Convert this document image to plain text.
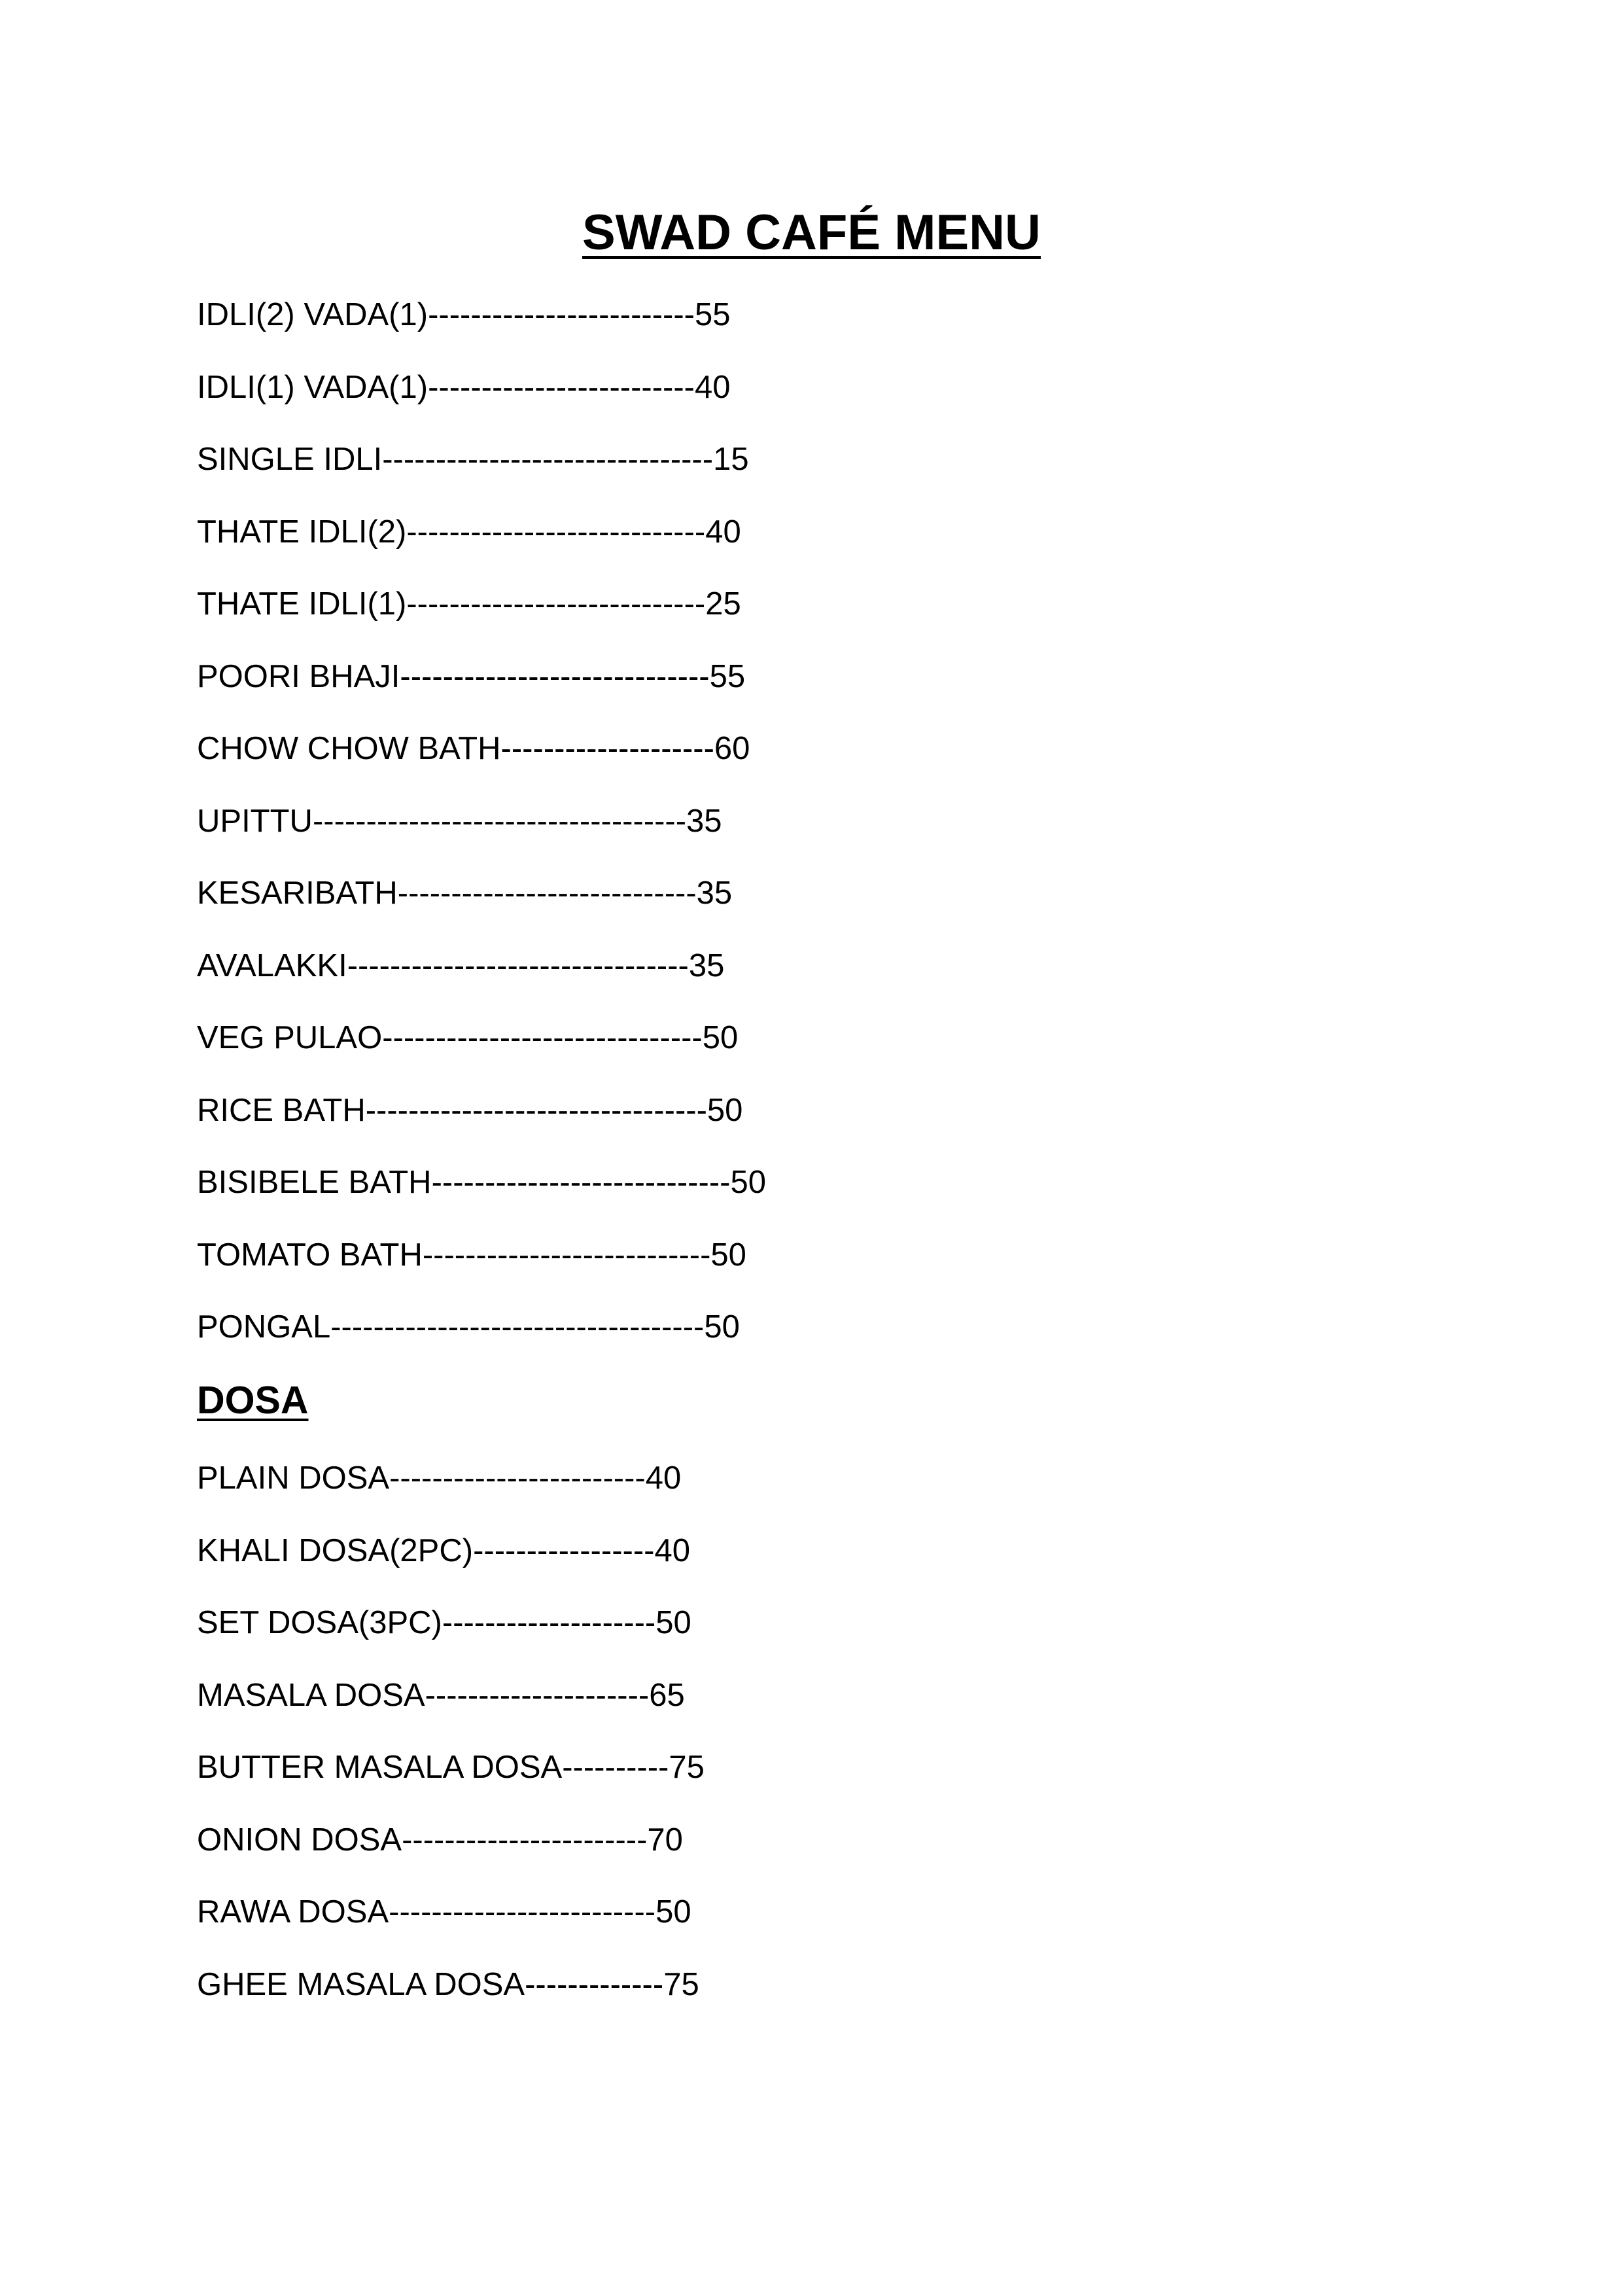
SWAD CAFÉ MENU
IDLI(2) VADA(1)-------------------------55
IDLI(1) VADA(1)-------------------------40
SINGLE IDLI-------------------------------15
THATE IDLI(2)----------------------------40
THATE IDLI(1)----------------------------25
POORI BHAJI-----------------------------55
CHOW CHOW BATH--------------------60
UPITTU-----------------------------------35
KESARIBATH----------------------------35
AVALAKKI--------------------------------35
VEG PULAO------------------------------50
RICE BATH--------------------------------50
BISIBELE BATH----------------------------50
TOMATO BATH---------------------------50
PONGAL-----------------------------------50
DOSA
PLAIN DOSA------------------------40
KHALI DOSA(2PC)-----------------40
SET DOSA(3PC)--------------------50
MASALA DOSA---------------------65
BUTTER MASALA DOSA----------75
ONION DOSA-----------------------70
RAWA DOSA-------------------------50
GHEE MASALA DOSA-------------75
